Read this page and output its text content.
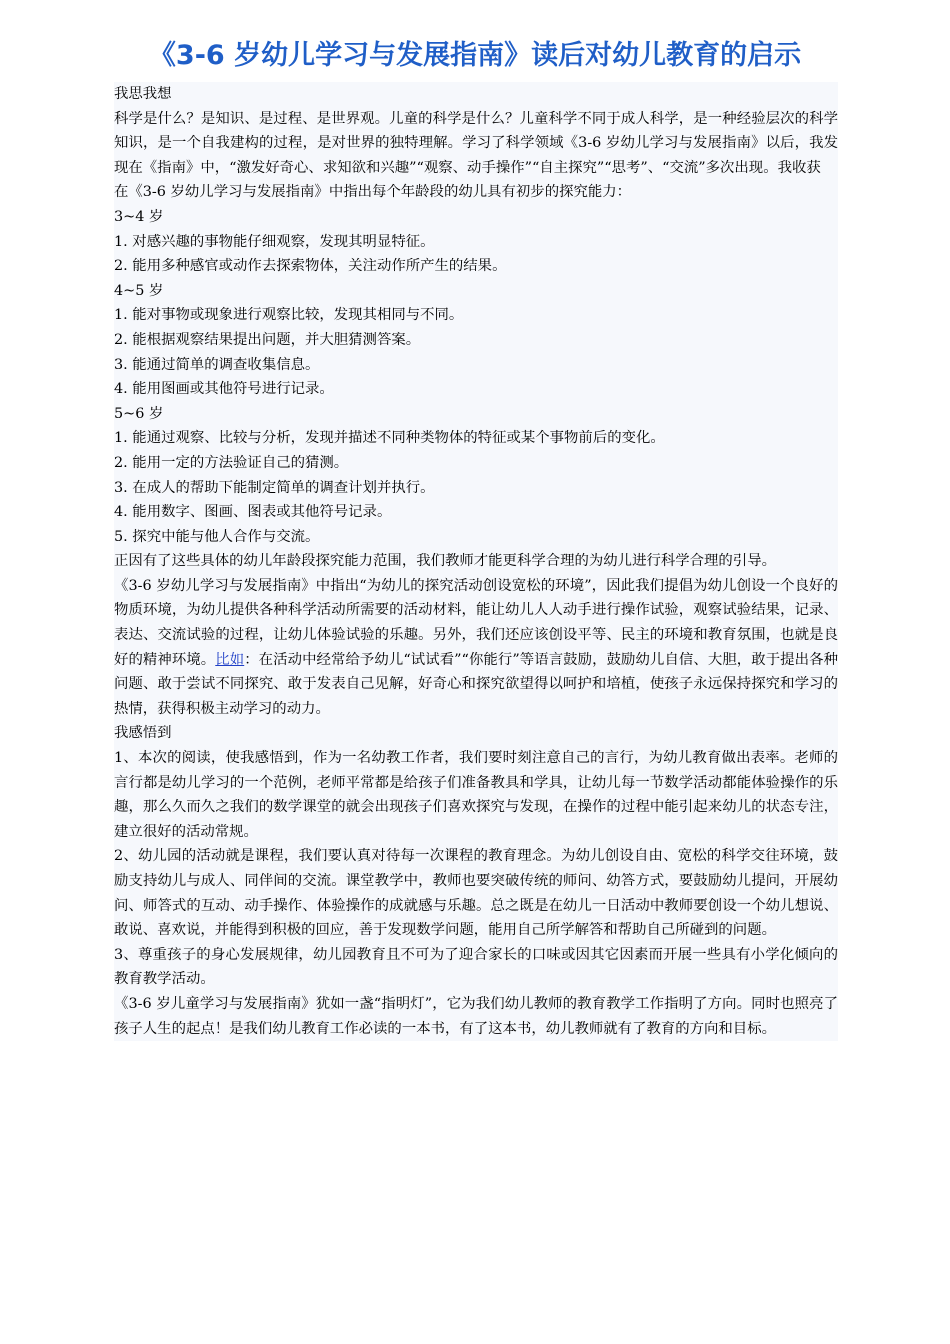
《3-6 岁幼儿学习与发展指南》读后对幼儿教育的启示

我思我想

科学是什么？是知识、是过程、是世界观。儿童的科学是什么？儿童科学不同于成人科学，是一种经验层次的科学知识，是一个自我建构的过程，是对世界的独特理解。学习了科学领域《3-6 岁幼儿学习与发展指南》以后，我发现在《指南》中，“激发好奇心、求知欲和兴趣”“观察、动手操作”“自主探究”“思考”、“交流”多次出现。我收获

在《3-6 岁幼儿学习与发展指南》中指出每个年龄段的幼儿具有初步的探究能力：

3~4 岁

1. 对感兴趣的事物能仔细观察，发现其明显特征。

2. 能用多种感官或动作去探索物体，关注动作所产生的结果。

4~5 岁

1. 能对事物或现象进行观察比较，发现其相同与不同。

2. 能根据观察结果提出问题，并大胆猜测答案。

3. 能通过简单的调查收集信息。

4. 能用图画或其他符号进行记录。

5~6 岁

1. 能通过观察、比较与分析，发现并描述不同种类物体的特征或某个事物前后的变化。

2. 能用一定的方法验证自己的猜测。

3. 在成人的帮助下能制定简单的调查计划并执行。

4. 能用数字、图画、图表或其他符号记录。

5. 探究中能与他人合作与交流。

正因有了这些具体的幼儿年龄段探究能力范围，我们教师才能更科学合理的为幼儿进行科学合理的引导。

《3-6 岁幼儿学习与发展指南》中指出“为幼儿的探究活动创设宽松的环境”，因此我们提倡为幼儿创设一个良好的物质环境，为幼儿提供各种科学活动所需要的活动材料，能让幼儿人人动手进行操作试验，观察试验结果，记录、表达、交流试验的过程，让幼儿体验试验的乐趣。另外，我们还应该创设平等、民主的环境和教育氛围，也就是良好的精神环境。比如：在活动中经常给予幼儿“试试看”“你能行”等语言鼓励，鼓励幼儿自信、大胆，敢于提出各种问题、敢于尝试不同探究、敢于发表自己见解，好奇心和探究欲望得以呵护和培植，使孩子永远保持探究和学习的热情，获得积极主动学习的动力。

我感悟到

1、本次的阅读，使我感悟到，作为一名幼教工作者，我们要时刻注意自己的言行，为幼儿教育做出表率。老师的言行都是幼儿学习的一个范例，老师平常都是给孩子们准备教具和学具，让幼儿每一节数学活动都能体验操作的乐趣，那么久而久之我们的数学课堂的就会出现孩子们喜欢探究与发现，在操作的过程中能引起来幼儿的状态专注，建立很好的活动常规。

2、幼儿园的活动就是课程，我们要认真对待每一次课程的教育理念。为幼儿创设自由、宽松的科学交往环境，鼓励支持幼儿与成人、同伴间的交流。课堂教学中，教师也要突破传统的师问、幼答方式，要鼓励幼儿提问，开展幼问、师答式的互动、动手操作、体验操作的成就感与乐趣。总之既是在幼儿一日活动中教师要创设一个幼儿想说、敢说、喜欢说，并能得到积极的回应，善于发现数学问题，能用自己所学解答和帮助自己所碰到的问题。

3、尊重孩子的身心发展规律，幼儿园教育且不可为了迎合家长的口味或因其它因素而开展一些具有小学化倾向的教育教学活动。

《3-6 岁儿童学习与发展指南》犹如一盏“指明灯”，它为我们幼儿教师的教育教学工作指明了方向。同时也照亮了孩子人生的起点！是我们幼儿教育工作必读的一本书，有了这本书，幼儿教师就有了教育的方向和目标。
